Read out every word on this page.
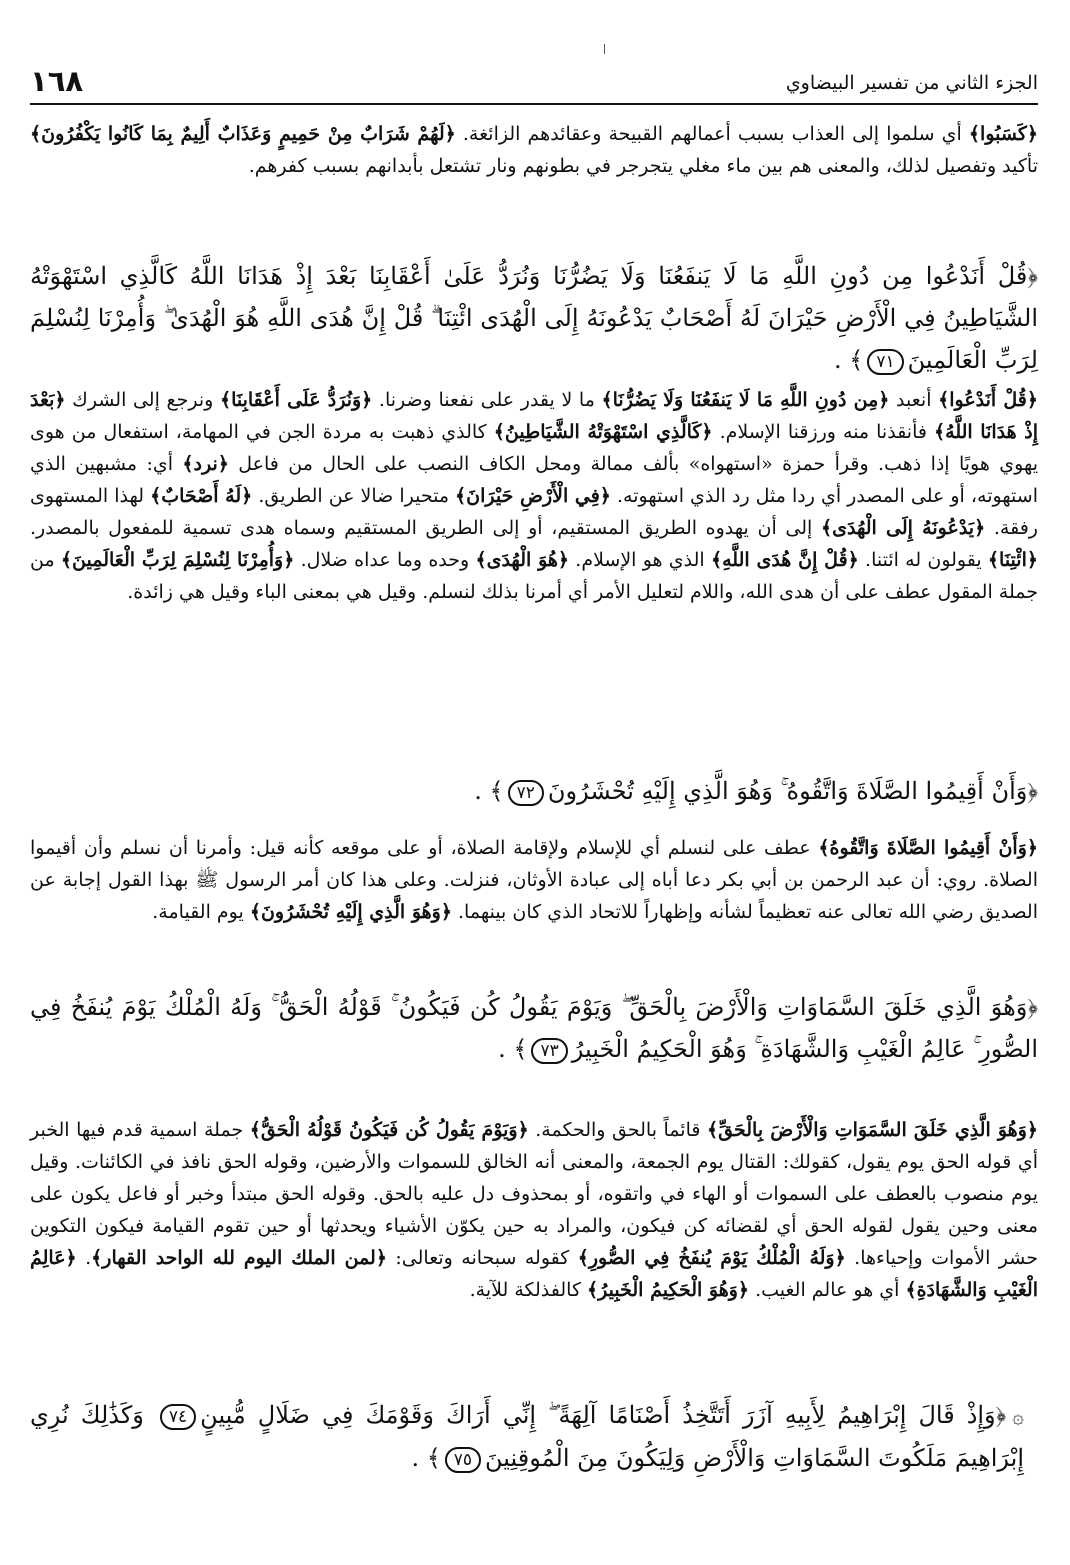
الجزء الثاني من تفسير البيضاوي
١٦٨
﴿كَسَبُوا﴾ أي سلموا إلى العذاب بسبب أعمالهم القبيحة وعقائدهم الزائغة. ﴿لَهُمْ شَرَابٌ مِنْ حَمِيمٍ وَعَذَابٌ أَلِيمٌ بِمَا كَانُوا يَكْفُرُونَ﴾ تأكيد وتفصيل لذلك، والمعنى هم بين ماء مغلي يتجرجر في بطونهم ونار تشتعل بأبدانهم بسبب كفرهم.
﴿قُلْ أَنَدْعُوا مِن دُونِ اللَّهِ مَا لَا يَنفَعُنَا وَلَا يَضُرُّنَا وَنُرَدُّ عَلَىٰ أَعْقَابِنَا بَعْدَ إِذْ هَدَانَا اللَّهُ كَالَّذِي اسْتَهْوَتْهُ الشَّيَاطِينُ فِي الْأَرْضِ حَيْرَانَ لَهُ أَصْحَابٌ يَدْعُونَهُ إِلَى الْهُدَى ائْتِنَا ۗ قُلْ إِنَّ هُدَى اللَّهِ هُوَ الْهُدَىٰ ۖ وَأُمِرْنَا لِنُسْلِمَ لِرَبِّ الْعَالَمِينَ٧١﴾ .
﴿قُلْ أَنَدْعُوا﴾ أنعبد ﴿مِن دُونِ اللَّهِ مَا لَا يَنفَعُنَا وَلَا يَضُرُّنَا﴾ ما لا يقدر على نفعنا وضرنا. ﴿وَنُرَدُّ عَلَى أَعْقَابِنَا﴾ ونرجع إلى الشرك ﴿بَعْدَ إِذْ هَدَانَا اللَّهُ﴾ فأنقذنا منه ورزقنا الإسلام. ﴿كَالَّذِي اسْتَهْوَتْهُ الشَّيَاطِينُ﴾ كالذي ذهبت به مردة الجن في المهامة، استفعال من هوى يهوي هويًا إذا ذهب. وقرأ حمزة «استهواه» بألف ممالة ومحل الكاف النصب على الحال من فاعل ﴿نرد﴾ أي: مشبهين الذي استهوته، أو على المصدر أي ردا مثل رد الذي استهوته. ﴿فِي الْأَرْضِ حَيْرَانَ﴾ متحيرا ضالا عن الطريق. ﴿لَهُ أَصْحَابٌ﴾ لهذا المستهوى رفقة. ﴿يَدْعُونَهُ إِلَى الْهُدَى﴾ إلى أن يهدوه الطريق المستقيم، أو إلى الطريق المستقيم وسماه هدى تسمية للمفعول بالمصدر. ﴿ائْتِنَا﴾ يقولون له ائتنا. ﴿قُلْ إِنَّ هُدَى اللَّهِ﴾ الذي هو الإسلام. ﴿هُوَ الْهُدَى﴾ وحده وما عداه ضلال. ﴿وَأُمِرْنَا لِنُسْلِمَ لِرَبِّ الْعَالَمِينَ﴾ من جملة المقول عطف على أن هدى الله، واللام لتعليل الأمر أي أمرنا بذلك لنسلم. وقيل هي بمعنى الباء وقيل هي زائدة.
﴿وَأَنْ أَقِيمُوا الصَّلَاةَ وَاتَّقُوهُ ۚ وَهُوَ الَّذِي إِلَيْهِ تُحْشَرُونَ٧٢﴾ .
﴿وَأَنْ أَقِيمُوا الصَّلَاةَ وَاتَّقُوهُ﴾ عطف على لنسلم أي للإسلام ولإقامة الصلاة، أو على موقعه كأنه قيل: وأمرنا أن نسلم وأن أقيموا الصلاة. روي: أن عبد الرحمن بن أبي بكر دعا أباه إلى عبادة الأوثان، فنزلت. وعلى هذا كان أمر الرسول ﷺ بهذا القول إجابة عن الصديق رضي الله تعالى عنه تعظيماً لشأنه وإظهاراً للاتحاد الذي كان بينهما. ﴿وَهُوَ الَّذِي إِلَيْهِ تُحْشَرُونَ﴾ يوم القيامة.
﴿وَهُوَ الَّذِي خَلَقَ السَّمَاوَاتِ وَالْأَرْضَ بِالْحَقِّ ۖ وَيَوْمَ يَقُولُ كُن فَيَكُونُ ۚ قَوْلُهُ الْحَقُّ ۚ وَلَهُ الْمُلْكُ يَوْمَ يُنفَخُ فِي الصُّورِ ۚ عَالِمُ الْغَيْبِ وَالشَّهَادَةِ ۚ وَهُوَ الْحَكِيمُ الْخَبِيرُ٧٣﴾ .
﴿وَهُوَ الَّذِي خَلَقَ السَّمَوَاتِ وَالْأَرْضَ بِالْحَقِّ﴾ قائماً بالحق والحكمة. ﴿وَيَوْمَ يَقُولُ كُن فَيَكُونُ قَوْلُهُ الْحَقُّ﴾ جملة اسمية قدم فيها الخبر أي قوله الحق يوم يقول، كقولك: القتال يوم الجمعة، والمعنى أنه الخالق للسموات والأرضين، وقوله الحق نافذ في الكائنات. وقيل يوم منصوب بالعطف على السموات أو الهاء في واتقوه، أو بمحذوف دل عليه بالحق. وقوله الحق مبتدأ وخبر أو فاعل يكون على معنى وحين يقول لقوله الحق أي لقضائه كن فيكون، والمراد به حين يكوّن الأشياء ويحدثها أو حين تقوم القيامة فيكون التكوين حشر الأموات وإحياءها. ﴿وَلَهُ الْمُلْكُ يَوْمَ يُنفَخُ فِي الصُّورِ﴾ كقوله سبحانه وتعالى: ﴿لمن الملك اليوم لله الواحد القهار﴾. ﴿عَالِمُ الْغَيْبِ وَالشَّهَادَةِ﴾ أي هو عالم الغيب. ﴿وَهُوَ الْحَكِيمُ الْخَبِيرُ﴾ كالفذلكة للآية.
۞﴿وَإِذْ قَالَ إِبْرَاهِيمُ لِأَبِيهِ آزَرَ أَتَتَّخِذُ أَصْنَامًا آلِهَةً ۖ إِنِّي أَرَاكَ وَقَوْمَكَ فِي ضَلَالٍ مُّبِينٍ٧٤ وَكَذَٰلِكَ نُرِي إِبْرَاهِيمَ مَلَكُوتَ السَّمَاوَاتِ وَالْأَرْضِ وَلِيَكُونَ مِنَ الْمُوقِنِينَ٧٥﴾ .
